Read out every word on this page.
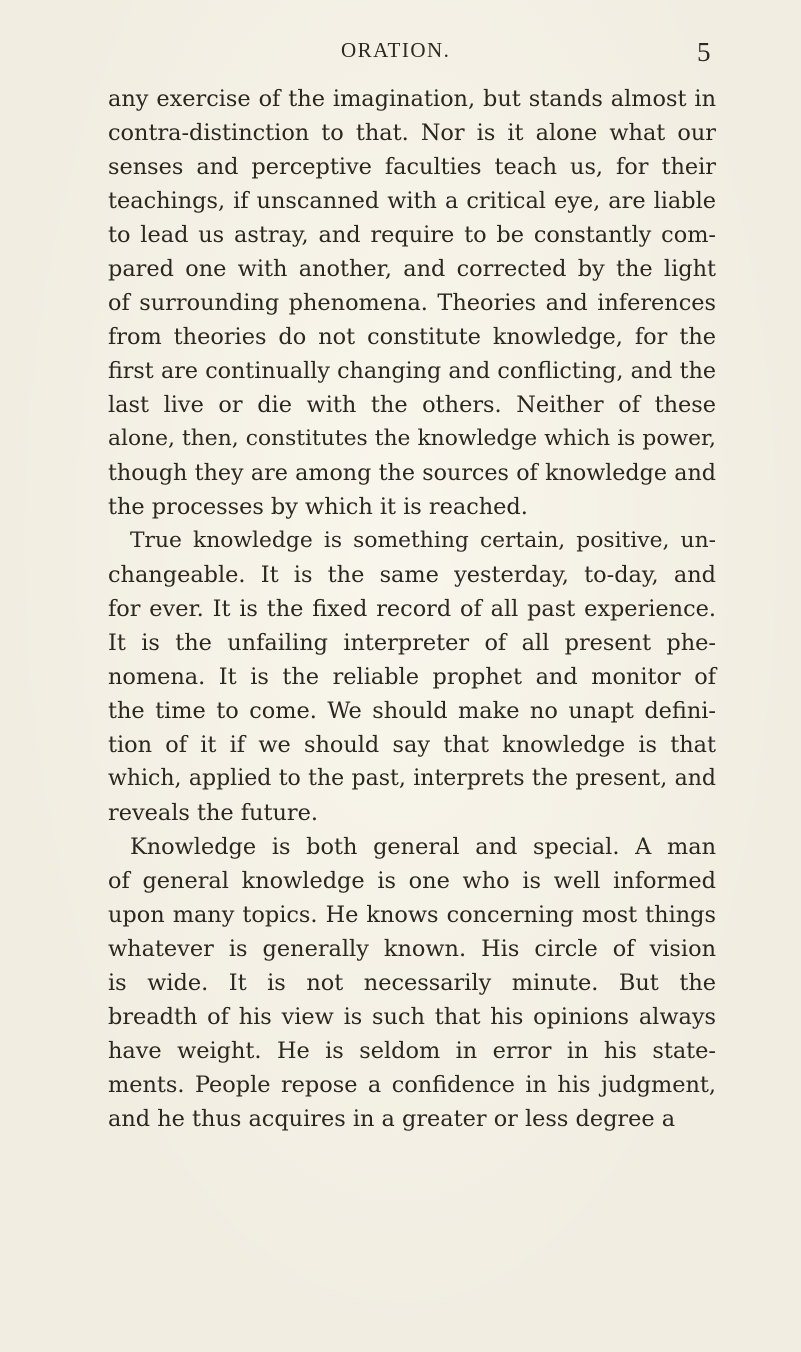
ORATION.	5
any exercise of the imagination, but stands almost in
contra-distinction to that. Nor is it alone what our
senses and perceptive faculties teach us, for their
teachings, if unscanned with a critical eye, are liable
to lead us astray, and require to be constantly com-
pared one with another, and corrected by the light
of surrounding phenomena. Theories and inferences
from theories do not constitute knowledge, for the
first are continually changing and conflicting, and the
last live or die with the others. Neither of these
alone, then, constitutes the knowledge which is power,
though they are among the sources of knowledge and
the processes by which it is reached.
True knowledge is something certain, positive, un-
changeable. It is the same yesterday, to-day, and
for ever. It is the fixed record of all past experience.
It is the unfailing interpreter of all present phe-
nomena. It is the reliable prophet and monitor of
the time to come. We should make no unapt defini-
tion of it if we should say that knowledge is that
which, applied to the past, interprets the present, and
reveals the future.
Knowledge is both general and special. A man
of general knowledge is one who is well informed
upon many topics. He knows concerning most things
whatever is generally known. His circle of vision
is wide. It is not necessarily minute. But the
breadth of his view is such that his opinions always
have weight. He is seldom in error in his state-
ments. People repose a confidence in his judgment,
and he thus acquires in a greater or less degree a
